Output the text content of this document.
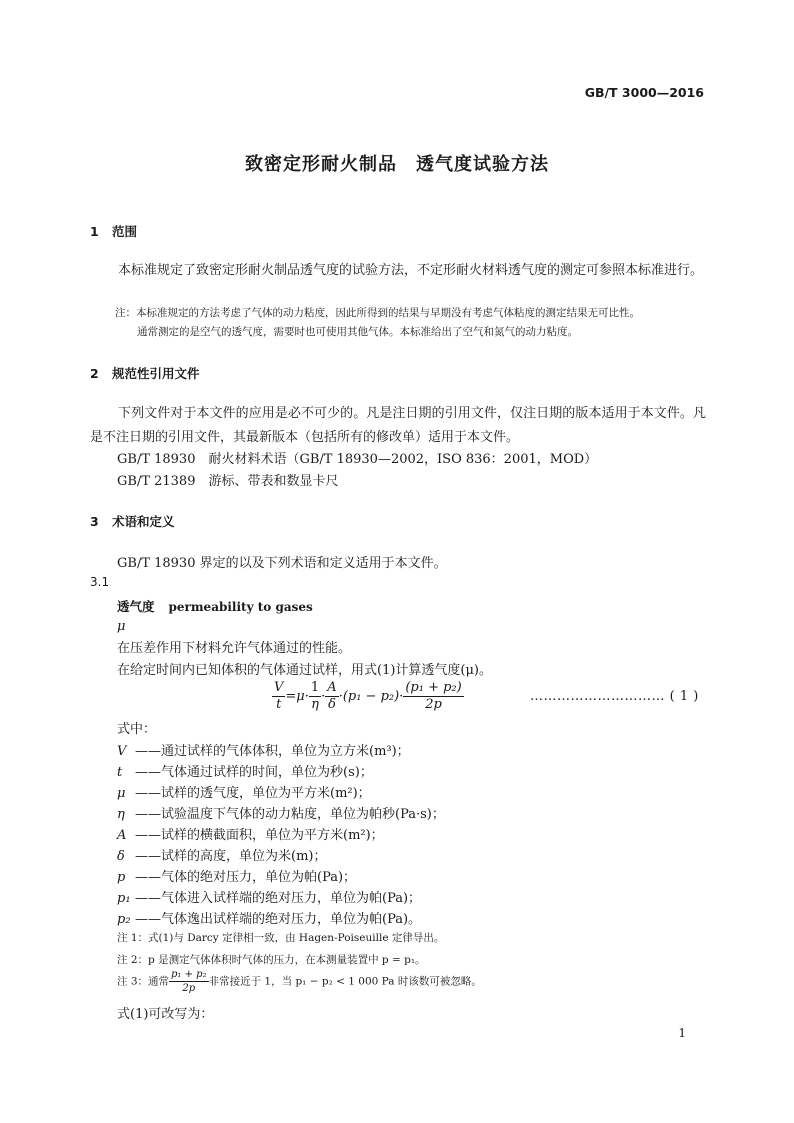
GB/T 3000—2016
致密定形耐火制品　透气度试验方法
1 范围
本标准规定了致密定形耐火制品透气度的试验方法，不定形耐火材料透气度的测定可参照本标准进行。
注：本标准规定的方法考虑了气体的动力粘度，因此所得到的结果与早期没有考虑气体粘度的测定结果无可比性。
通常测定的是空气的透气度，需要时也可使用其他气体。本标准给出了空气和氮气的动力粘度。
2 规范性引用文件
下列文件对于本文件的应用是必不可少的。凡是注日期的引用文件，仅注日期的版本适用于本文件。凡是不注日期的引用文件，其最新版本（包括所有的修改单）适用于本文件。
GB/T 18930　耐火材料术语（GB/T 18930—2002，ISO 836：2001，MOD）
GB/T 21389　游标、带表和数显卡尺
3 术语和定义
GB/T 18930 界定的以及下列术语和定义适用于本文件。
3.1
透气度 permeability to gases
μ
在压差作用下材料允许气体通过的性能。
在给定时间内已知体积的气体通过试样，用式(1)计算透气度(μ)。
$\frac{V}{t} =\mu\cdot \frac{1}{\eta} \cdot \frac{A}{\delta} \cdot(p_1 - p_2)\cdot \frac{\text{(p₁ + p₂)}}{2p}$	………………………… ( 1 )
式中：
V ——通过试样的气体体积，单位为立方米(m³)；
t ——气体通过试样的时间，单位为秒(s)；
μ ——试样的透气度，单位为平方米(m²)；
η ——试验温度下气体的动力粘度，单位为帕秒(Pa·s)；
A ——试样的横截面积，单位为平方米(m²)；
δ ——试样的高度，单位为米(m)；
p ——气体的绝对压力，单位为帕(Pa)；
p₁ ——气体进入试样端的绝对压力，单位为帕(Pa)；
p₂ ——气体逸出试样端的绝对压力，单位为帕(Pa)。
注 1：式(1)与 Darcy 定律相一致，由 Hagen-Poiseuille 定律导出。
注 2：p 是测定气体体积时气体的压力，在本测量装置中 p = p₁。
注 3：通常 $\frac{\text{p₁ + p₂}}{2p}$ 非常接近于 1，当 p₁ − p₂ < 1 000 Pa 时该数可被忽略。
式(1)可改写为：
1
